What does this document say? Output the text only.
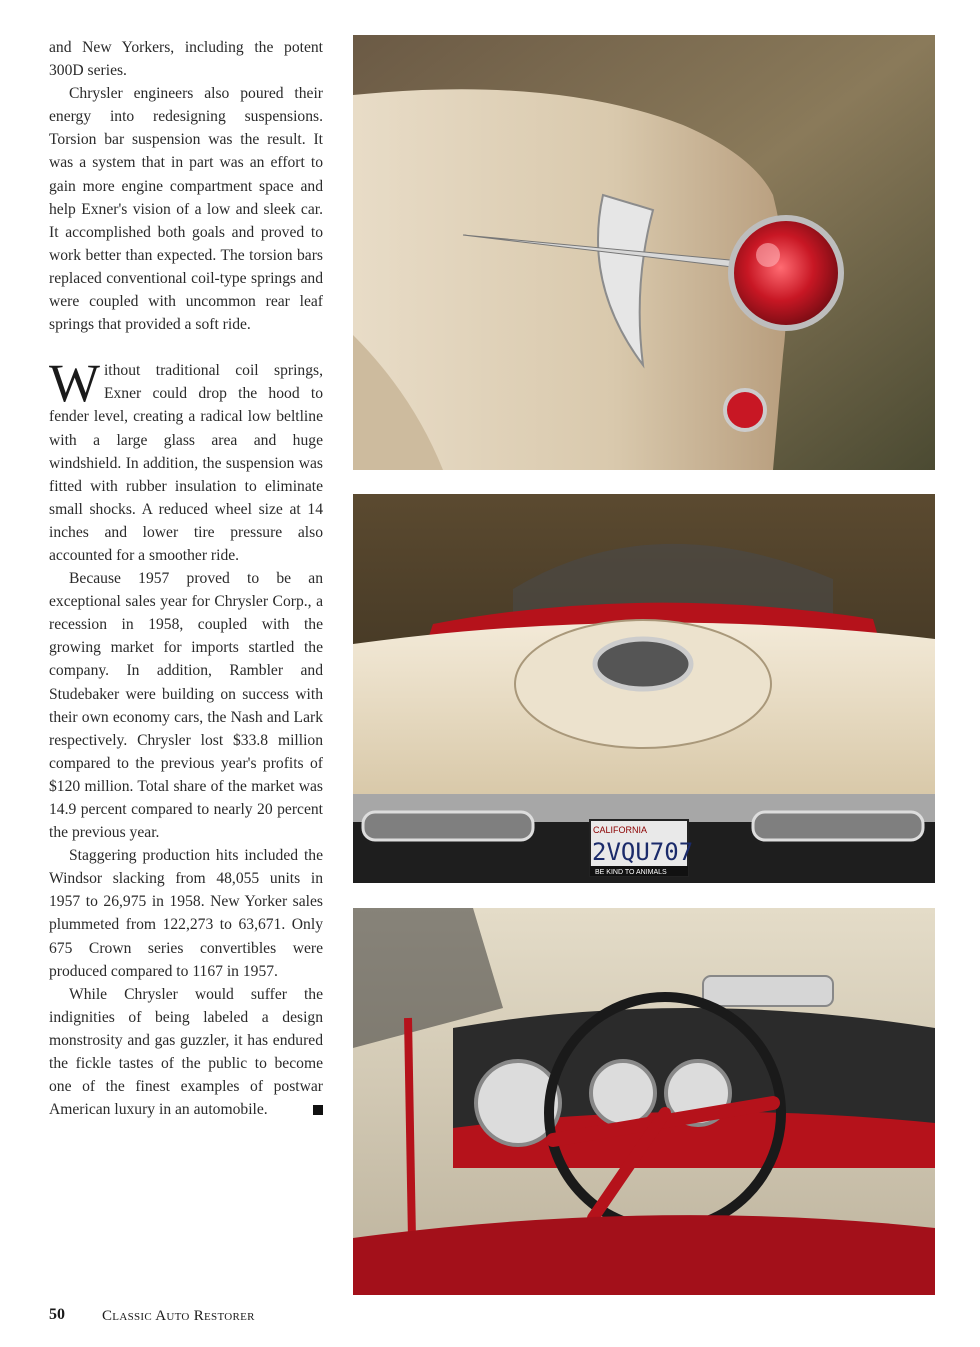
and New Yorkers, including the potent 300D series.

Chrysler engineers also poured their energy into redesigning suspensions. Torsion bar suspension was the result. It was a system that in part was an effort to gain more engine compartment space and help Exner's vision of a low and sleek car. It accomplished both goals and proved to work better than expected. The torsion bars replaced conventional coil-type springs and were coupled with uncommon rear leaf springs that provided a soft ride.

Without traditional coil springs, Exner could drop the hood to fender level, creating a radical low beltline with a large glass area and huge windshield. In addition, the suspension was fitted with rubber insulation to eliminate small shocks. A reduced wheel size at 14 inches and lower tire pressure also accounted for a smoother ride.

Because 1957 proved to be an exceptional sales year for Chrysler Corp., a recession in 1958, coupled with the growing market for imports startled the company. In addition, Rambler and Studebaker were building on success with their own economy cars, the Nash and Lark respectively. Chrysler lost $33.8 million compared to the previous year's profits of $120 million. Total share of the market was 14.9 percent compared to nearly 20 percent the previous year.

Staggering production hits included the Windsor slacking from 48,055 units in 1957 to 26,975 in 1958. New Yorker sales plummeted from 122,273 to 63,671. Only 675 Crown series convertibles were produced compared to 1167 in 1957.

While Chrysler would suffer the indignities of being labeled a design monstrosity and gas guzzler, it has endured the fickle tastes of the public to become one of the finest examples of postwar American luxury in an automobile.

CALIFORNIA
2VQU707
BE KIND TO ANIMALS
50 Classic Auto Restorer
